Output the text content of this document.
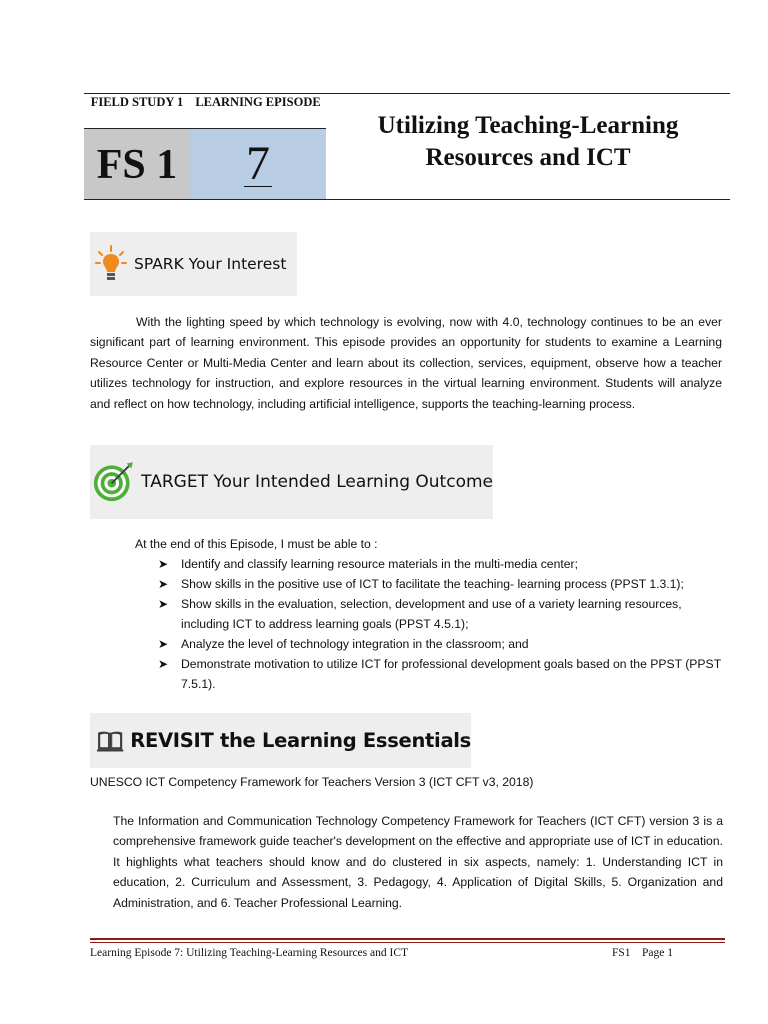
FIELD STUDY 1 LEARNING EPISODE
FS 1 7
Utilizing Teaching-Learning Resources and ICT
SPARK Your Interest
With the lighting speed by which technology is evolving, now with 4.0, technology continues to be an ever significant part of learning environment. This episode provides an opportunity for students to examine a Learning Resource Center or Multi-Media Center and learn about its collection, services, equipment, observe how a teacher utilizes technology for instruction, and explore resources in the virtual learning environment. Students will analyze and reflect on how technology, including artificial intelligence, supports the teaching-learning process.
TARGET Your Intended Learning Outcome
At the end of this Episode, I must be able to :
➤ Identify and classify learning resource materials in the multi-media center;
➤ Show skills in the positive use of ICT to facilitate the teaching- learning process (PPST 1.3.1);
➤ Show skills in the evaluation, selection, development and use of a variety learning resources, including ICT to address learning goals (PPST 4.5.1);
➤ Analyze the level of technology integration in the classroom; and
➤ Demonstrate motivation to utilize ICT for professional development goals based on the PPST (PPST 7.5.1).
REVISIT the Learning Essentials
UNESCO ICT Competency Framework for Teachers Version 3 (ICT CFT v3, 2018)
The Information and Communication Technology Competency Framework for Teachers (ICT CFT) version 3 is a comprehensive framework guide teacher's development on the effective and appropriate use of ICT in education. It highlights what teachers should know and do clustered in six aspects, namely: 1. Understanding ICT in education, 2. Curriculum and Assessment, 3. Pedagogy, 4. Application of Digital Skills, 5. Organization and Administration, and 6. Teacher Professional Learning.
Learning Episode 7: Utilizing Teaching-Learning Resources and ICT	FS1    Page 1
